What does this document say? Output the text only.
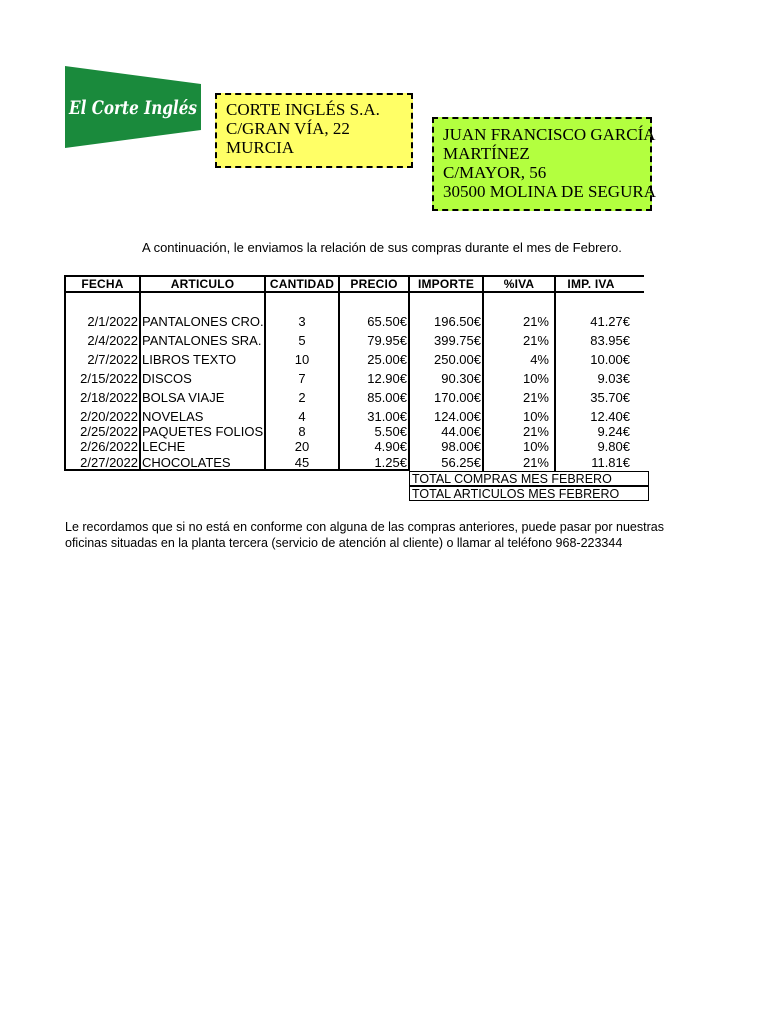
El Corte Inglés CORTE INGLÉS S.A.
C/GRAN VÍA, 22
MURCIA
JUAN FRANCISCO GARCÍA
MARTÍNEZ
C/MAYOR, 56
30500 MOLINA DE SEGURA
A continuación, le enviamos la relación de sus compras durante el mes de Febrero.
FECHA	ARTICULO	CANTIDAD	PRECIO	IMPORTE	%IVA	IMP. IVA
2/1/2022 PANTALONES CRO.	3	65.50€	196.50€	21%	41.27€
2/4/2022 PANTALONES SRA.	5	79.95€	399.75€	21%	83.95€
2/7/2022 LIBROS TEXTO	10	25.00€	250.00€	4%	10.00€
2/15/2022 DISCOS	7	12.90€	90.30€	10%	9.03€
2/18/2022 BOLSA VIAJE	2	85.00€	170.00€	21%	35.70€
2/20/2022 NOVELAS	4	31.00€	124.00€	10%	12.40€
2/25/2022 PAQUETES FOLIOS	8	5.50€	44.00€	21%	9.24€
2/26/2022 LECHE	20	4.90€	98.00€	10%	9.80€
2/27/2022 CHOCOLATES	45	1.25€	56.25€	21%	11.81€
TOTAL COMPRAS MES FEBRERO
TOTAL ARTICULOS MES FEBRERO
Le recordamos que si no está en conforme con alguna de las compras anteriores, puede pasar por nuestras
oficinas situadas en la planta tercera (servicio de atención al cliente) o llamar al teléfono 968-223344
